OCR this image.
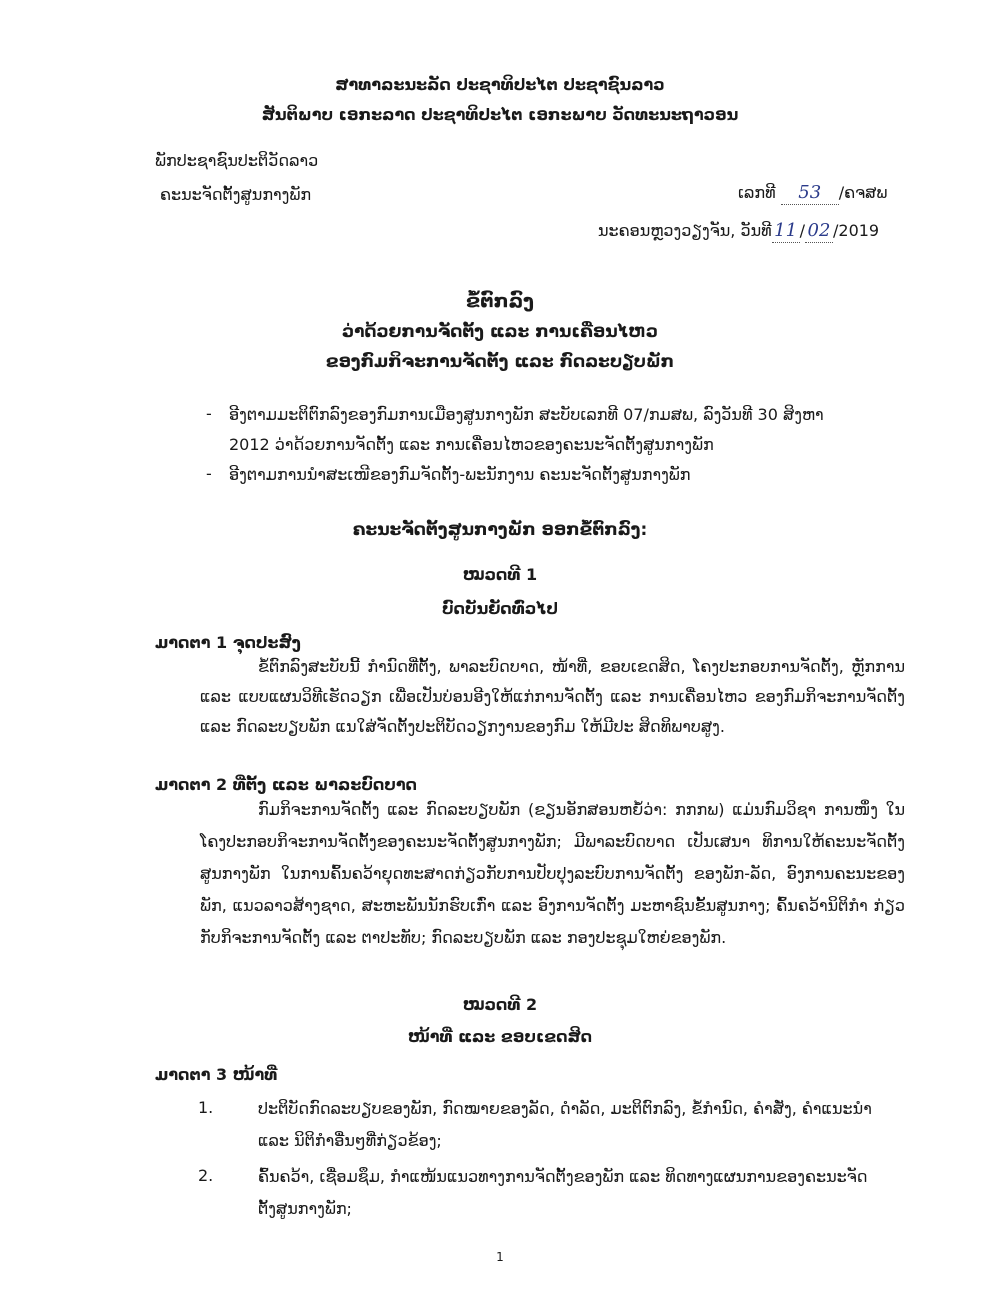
ສາທາລະນະລັດ ປະຊາທິປະໄຕ ປະຊາຊົນລາວ
ສັນຕິພາບ ເອກະລາດ ປະຊາທິປະໄຕ ເອກະພາບ ວັດທະນະຖາວອນ
ພັກປະຊາຊົນປະຕິວັດລາວ
ຄະນະຈັດຕັ້ງສູນກາງພັກ	ເລກທີ 53 /ຄຈສພ
ນະຄອນຫຼວງວຽງຈັນ, ວັນທີ 11 / 02 /2019
ຂໍ້ຕົກລົງ
ວ່າດ້ວຍການຈັດຕັ້ງ ແລະ ການເຄື່ອນໄຫວ
ຂອງກົມກິຈະການຈັດຕັ້ງ ແລະ ກົດລະບຽບພັກ
- ອີງຕາມມະຕິຕົກລົງຂອງກົມການເມືອງສູນກາງພັກ ສະບັບເລກທີ 07/ກມສພ, ລົງວັນທີ 30 ສິງຫາ
2012 ວ່າດ້ວຍການຈັດຕັ້ງ ແລະ ການເຄື່ອນໄຫວຂອງຄະນະຈັດຕັ້ງສູນກາງພັກ
- ອີງຕາມການນຳສະເໜີຂອງກົມຈັດຕັ້ງ-ພະນັກງານ ຄະນະຈັດຕັ້ງສູນກາງພັກ
ຄະນະຈັດຕັ້ງສູນກາງພັກ ອອກຂໍ້ຕົກລົງ:
ໝວດທີ 1
ບົດບັນຍັດທົ່ວໄປ
ມາດຕາ 1 ຈຸດປະສົງ
ຂໍ້ຕົກລົງສະບັບນີ້ ກຳນົດທີ່ຕັ້ງ, ພາລະບົດບາດ, ໜ້າທີ່, ຂອບເຂດສິດ, ໂຄງປະກອບການຈັດຕັ້ງ, ຫຼັກການ ແລະ ແບບແຜນວິທີເຮັດວຽກ ເພື່ອເປັນບ່ອນອີງໃຫ້ແກ່ການຈັດຕັ້ງ ແລະ ການເຄື່ອນໄຫວ ຂອງກົມກິຈະການຈັດຕັ້ງ ແລະ ກົດລະບຽບພັກ ແນໃສ່ຈັດຕັ້ງປະຕິບັດວຽກງານຂອງກົມ ໃຫ້ມີປະ ສິດທິພາບສູງ.
ມາດຕາ 2 ທີ່ຕັ້ງ ແລະ ພາລະບົດບາດ
ກົມກິຈະການຈັດຕັ້ງ ແລະ ກົດລະບຽບພັກ (ຂຽນອັກສອນຫຍໍ້ວ່າ: ກກກພ) ແມ່ນກົມວິຊາ ການໜຶ່ງ ໃນໂຄງປະກອບກິຈະການຈັດຕັ້ງຂອງຄະນະຈັດຕັ້ງສູນກາງພັກ; ມີພາລະບົດບາດ ເປັນເສນາ ທິການໃຫ້ຄະນະຈັດຕັ້ງສູນກາງພັກ ໃນການຄົ້ນຄວ້າຍຸດທະສາດກ່ຽວກັບການປັບປຸງລະບົບການຈັດຕັ້ງ ຂອງພັກ-ລັດ, ອົງການຄະນະຂອງພັກ, ແນວລາວສ້າງຊາດ, ສະຫະພັນນັກຮົບເກົ່າ ແລະ ອົງການຈັດຕັ້ງ ມະຫາຊົນຂັ້ນສູນກາງ; ຄົ້ນຄວ້ານິຕິກຳ ກ່ຽວກັບກິຈະການຈັດຕັ້ງ ແລະ ຕາປະທັບ; ກົດລະບຽບພັກ ແລະ ກອງປະຊຸມໃຫຍ່ຂອງພັກ.
ໝວດທີ 2
ໜ້າທີ່ ແລະ ຂອບເຂດສິດ
ມາດຕາ 3 ໜ້າທີ່
1.	ປະຕິບັດກົດລະບຽບຂອງພັກ, ກົດໝາຍຂອງລັດ, ດຳລັດ, ມະຕິຕົກລົງ, ຂໍ້ກຳນົດ, ຄຳສັ່ງ, ຄຳແນະນຳ
ແລະ ນິຕິກຳອື່ນໆທີ່ກ່ຽວຂ້ອງ;
2.	ຄົ້ນຄວ້າ, ເຊື່ອມຊຶມ, ກຳແໜ້ນແນວທາງການຈັດຕັ້ງຂອງພັກ ແລະ ທິດທາງແຜນການຂອງຄະນະຈັດ
ຕັ້ງສູນກາງພັກ;
1
